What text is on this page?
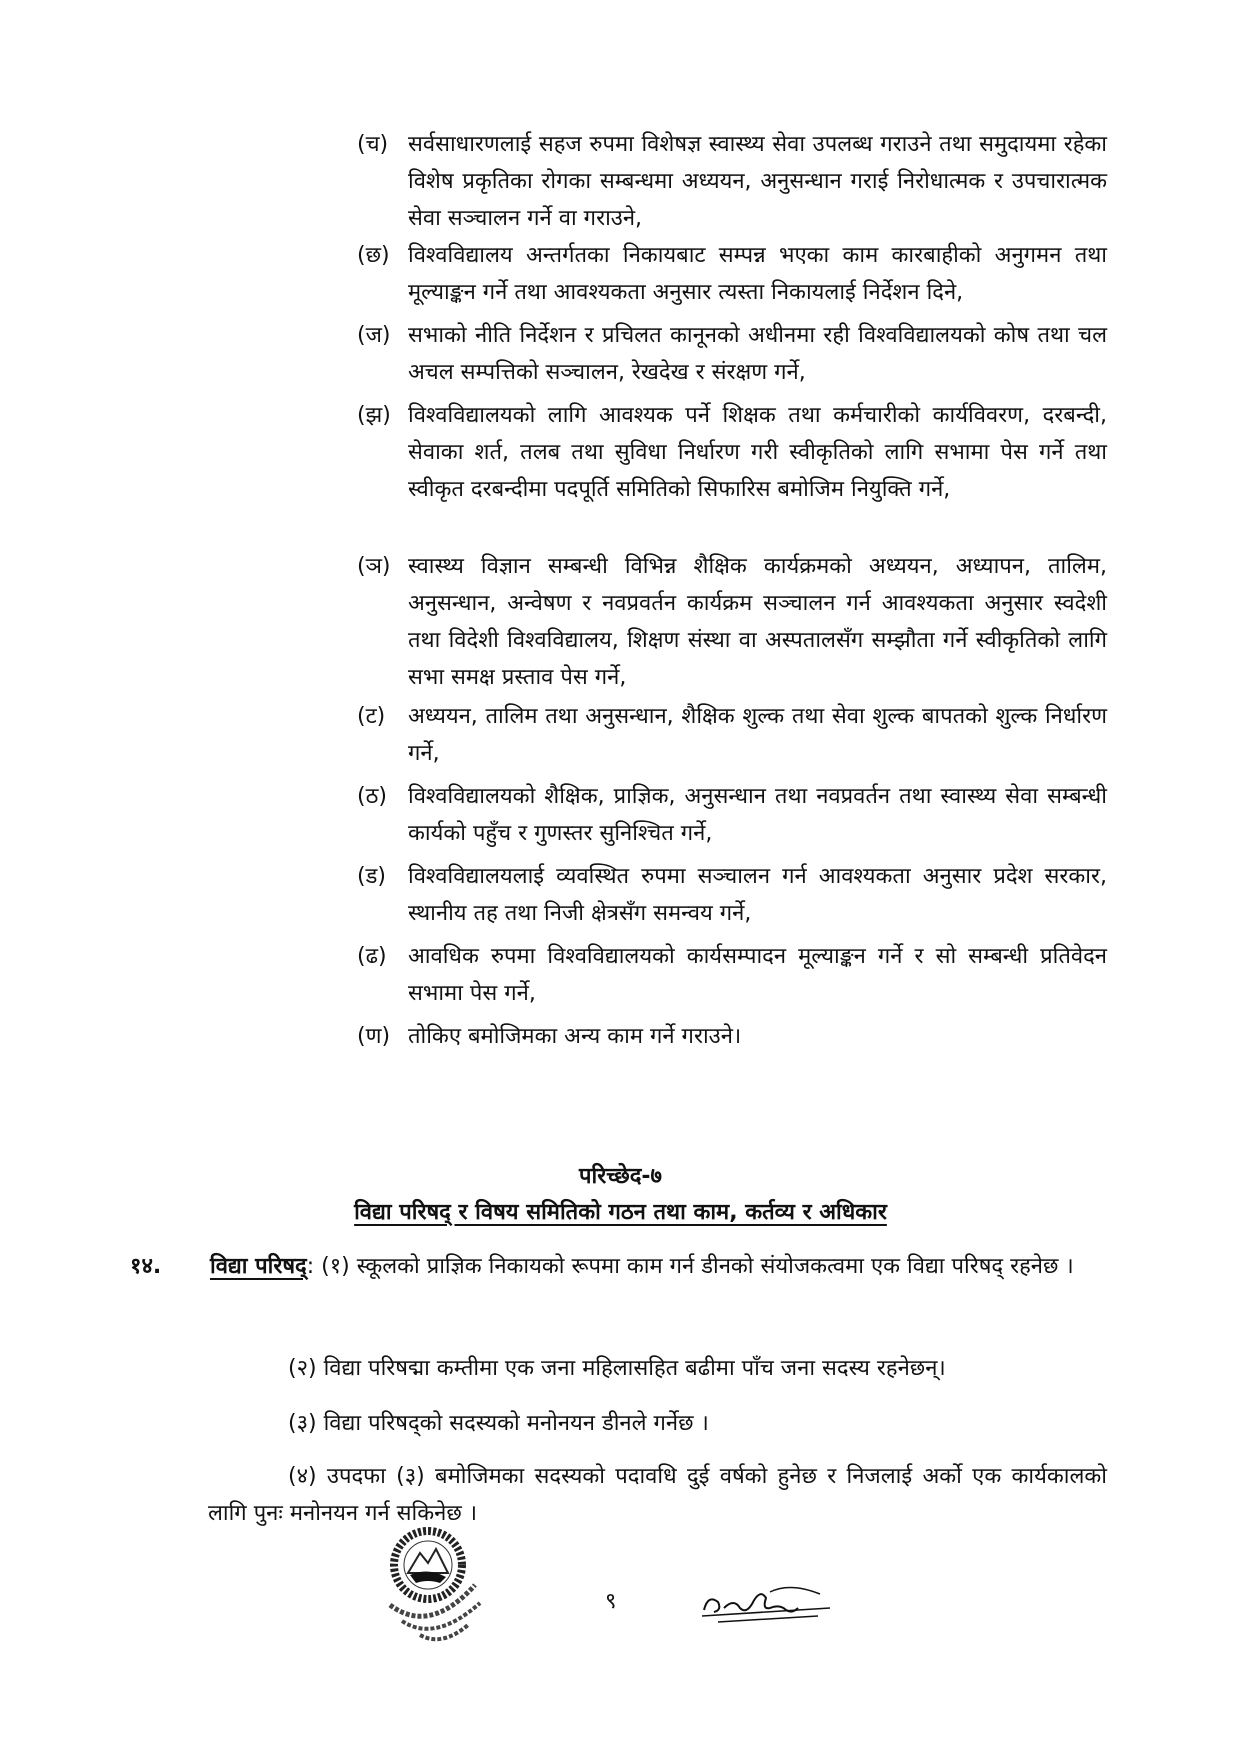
(च) सर्वसाधारणलाई सहज रुपमा विशेषज्ञ स्वास्थ्य सेवा उपलब्ध गराउने तथा समुदायमा रहेका विशेष प्रकृतिका रोगका सम्बन्धमा अध्ययन, अनुसन्धान गराई निरोधात्मक र उपचारात्मक सेवा सञ्चालन गर्ने वा गराउने,
(छ) विश्वविद्यालय अन्तर्गतका निकायबाट सम्पन्न भएका काम कारबाहीको अनुगमन तथा मूल्याङ्कन गर्ने तथा आवश्यकता अनुसार त्यस्ता निकायलाई निर्देशन दिने,
(ज) सभाको नीति निर्देशन र प्रचिलत कानूनको अधीनमा रही विश्वविद्यालयको कोष तथा चल अचल सम्पत्तिको सञ्चालन, रेखदेख र संरक्षण गर्ने,
(झ) विश्वविद्यालयको लागि आवश्यक पर्ने शिक्षक तथा कर्मचारीको कार्यविवरण, दरबन्दी, सेवाका शर्त, तलब तथा सुविधा निर्धारण गरी स्वीकृतिको लागि सभामा पेस गर्ने तथा स्वीकृत दरबन्दीमा पदपूर्ति समितिको सिफारिस बमोजिम नियुक्ति गर्ने,
(ञ) स्वास्थ्य विज्ञान सम्बन्धी विभिन्न शैक्षिक कार्यक्रमको अध्ययन, अध्यापन, तालिम, अनुसन्धान, अन्वेषण र नवप्रवर्तन कार्यक्रम सञ्चालन गर्न आवश्यकता अनुसार स्वदेशी तथा विदेशी विश्वविद्यालय, शिक्षण संस्था वा अस्पतालसँग सम्झौता गर्ने स्वीकृतिको लागि सभा समक्ष प्रस्ताव पेस गर्ने,
(ट) अध्ययन, तालिम तथा अनुसन्धान, शैक्षिक शुल्क तथा सेवा शुल्क बापतको शुल्क निर्धारण गर्ने,
(ठ) विश्वविद्यालयको शैक्षिक, प्राज्ञिक, अनुसन्धान तथा नवप्रवर्तन तथा स्वास्थ्य सेवा सम्बन्धी कार्यको पहुँच र गुणस्तर सुनिश्चित गर्ने,
(ड) विश्वविद्यालयलाई व्यवस्थित रुपमा सञ्चालन गर्न आवश्यकता अनुसार प्रदेश सरकार, स्थानीय तह तथा निजी क्षेत्रसँग समन्वय गर्ने,
(ढ) आवधिक रुपमा विश्वविद्यालयको कार्यसम्पादन मूल्याङ्कन गर्ने र सो सम्बन्धी प्रतिवेदन सभामा पेस गर्ने,
(ण) तोकिए बमोजिमका अन्य काम गर्ने गराउने।
परिच्छेद-७
विद्या परिषद् र विषय समितिको गठन तथा काम, कर्तव्य र अधिकार
१४. विद्या परिषद्: (१) स्कूलको प्राज्ञिक निकायको रूपमा काम गर्न डीनको संयोजकत्वमा एक विद्या परिषद् रहनेछ ।
(२) विद्या परिषद्मा कम्तीमा एक जना महिलासहित बढीमा पाँच जना सदस्य रहनेछन्।
(३) विद्या परिषद्को सदस्यको मनोनयन डीनले गर्नेछ ।
(४) उपदफा (३) बमोजिमका सदस्यको पदावधि दुई वर्षको हुनेछ र निजलाई अर्को एक कार्यकालको लागि पुनः मनोनयन गर्न सकिनेछ ।
९
